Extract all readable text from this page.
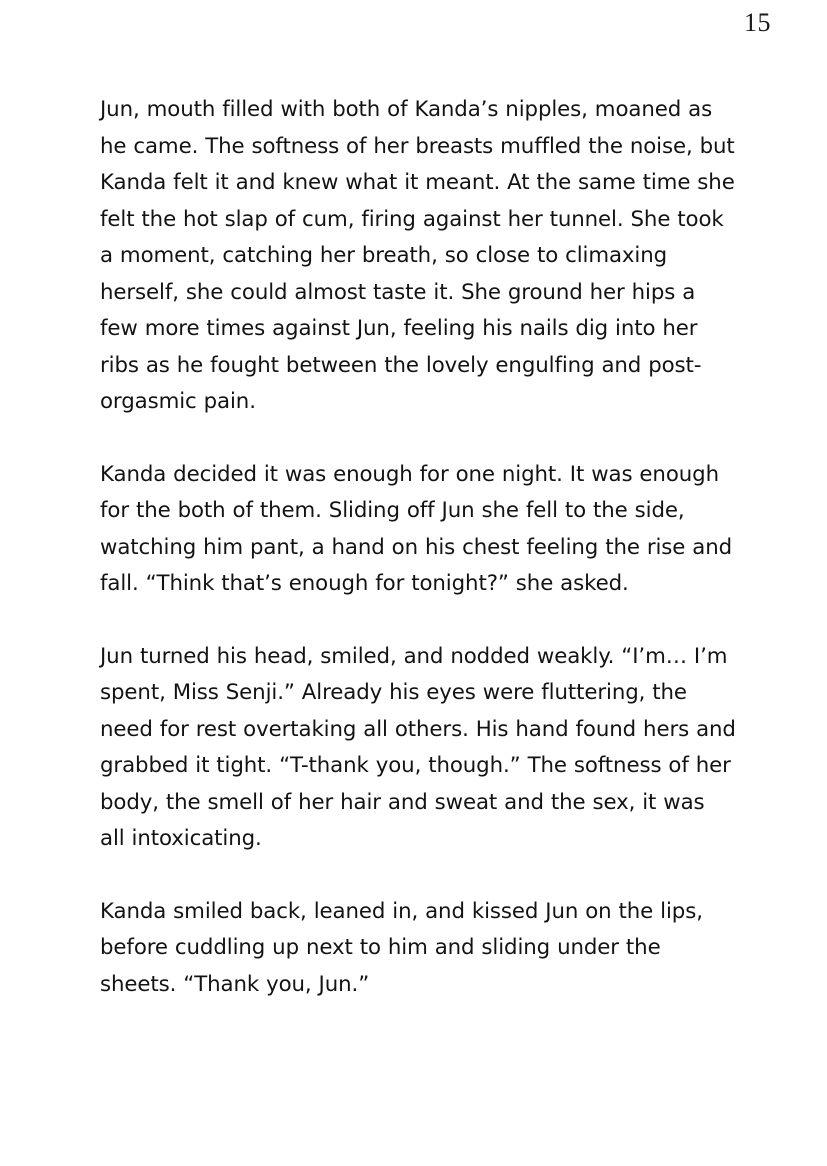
15

Jun, mouth filled with both of Kanda’s nipples, moaned as he came. The softness of her breasts muffled the noise, but Kanda felt it and knew what it meant. At the same time she felt the hot slap of cum, firing against her tunnel. She took a moment, catching her breath, so close to climaxing herself, she could almost taste it. She ground her hips a few more times against Jun, feeling his nails dig into her ribs as he fought between the lovely engulfing and post-orgasmic pain.

Kanda decided it was enough for one night. It was enough for the both of them. Sliding off Jun she fell to the side, watching him pant, a hand on his chest feeling the rise and fall. “Think that’s enough for tonight?” she asked.

Jun turned his head, smiled, and nodded weakly. “I’m… I’m spent, Miss Senji.” Already his eyes were fluttering, the need for rest overtaking all others. His hand found hers and grabbed it tight. “T-thank you, though.” The softness of her body, the smell of her hair and sweat and the sex, it was all intoxicating.

Kanda smiled back, leaned in, and kissed Jun on the lips, before cuddling up next to him and sliding under the sheets. “Thank you, Jun.”
